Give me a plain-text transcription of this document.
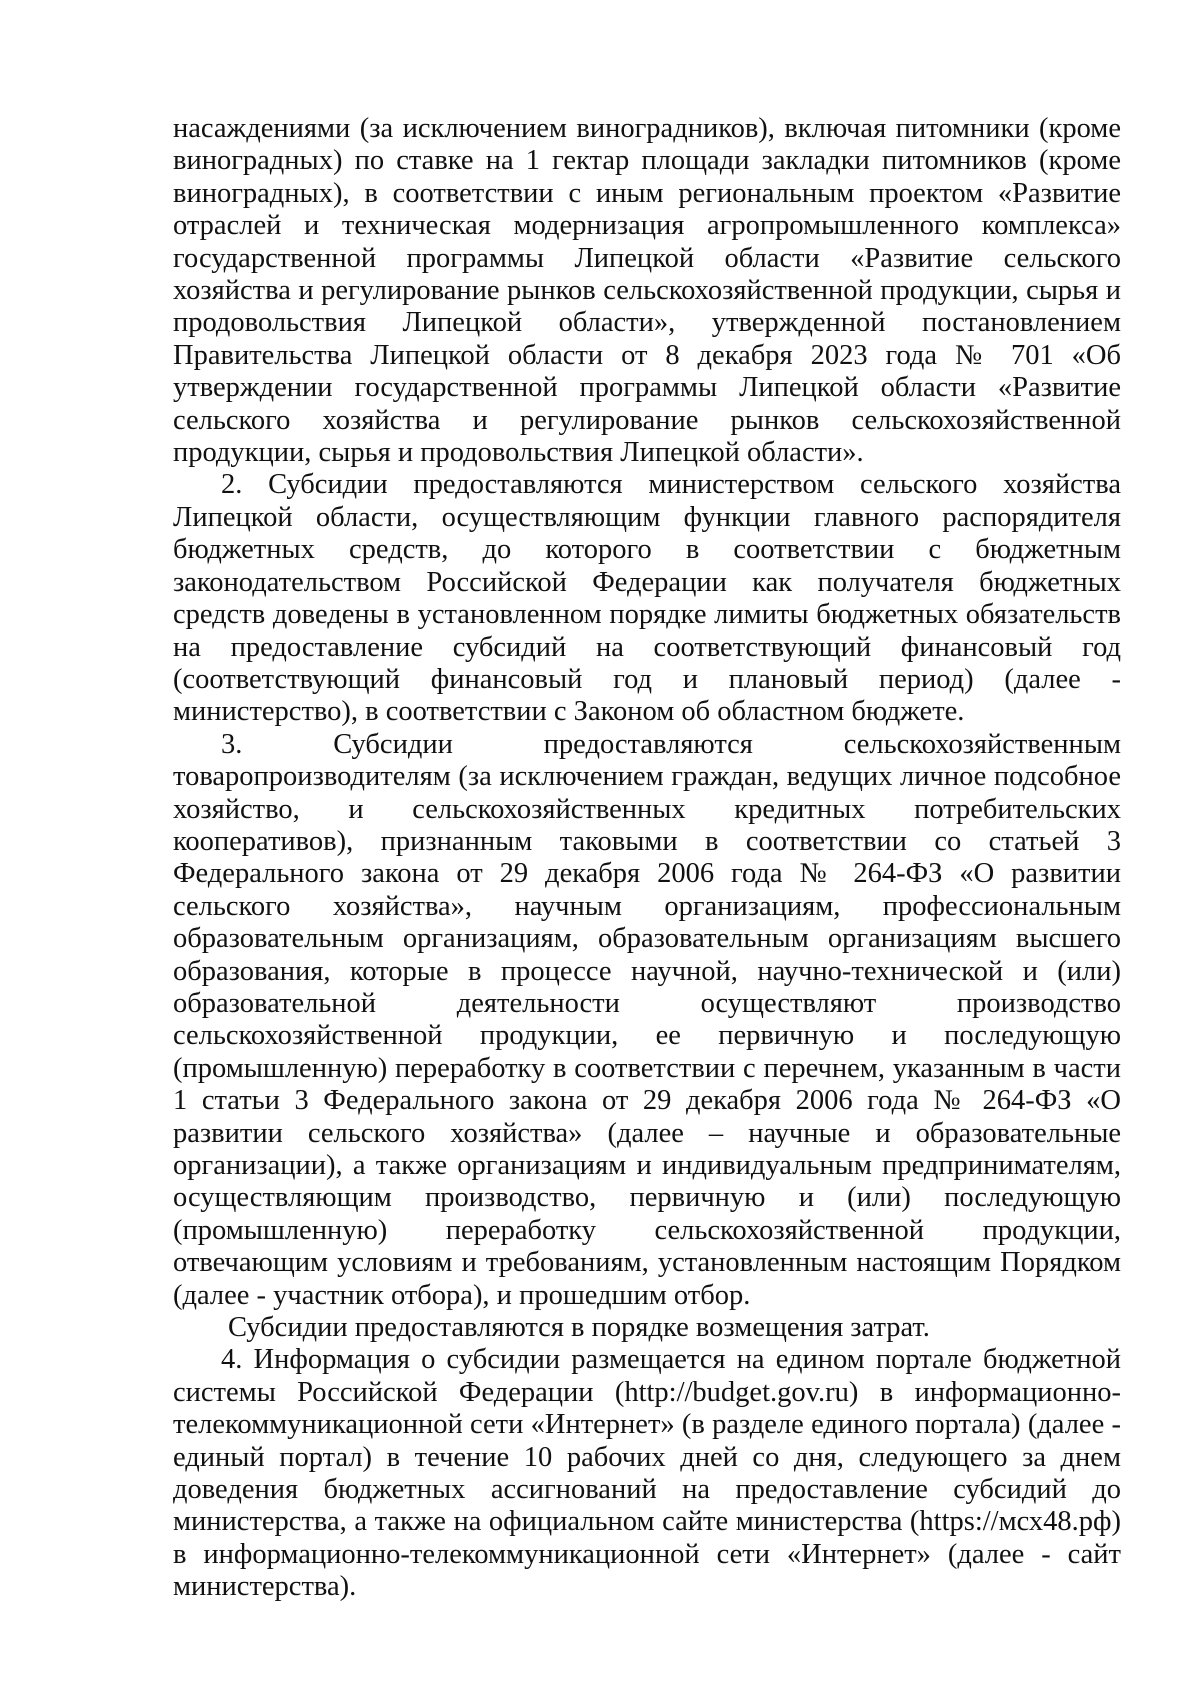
насаждениями (за исключением виноградников), включая питомники (кроме виноградных) по ставке на 1 гектар площади закладки питомников (кроме виноградных), в соответствии с иным региональным проектом «Развитие отраслей и техническая модернизация агропромышленного комплекса» государственной программы Липецкой области «Развитие сельского хозяйства и регулирование рынков сельскохозяйственной продукции, сырья и продовольствия Липецкой области», утвержденной постановлением Правительства Липецкой области от 8 декабря 2023 года № 701 «Об утверждении государственной программы Липецкой области «Развитие сельского хозяйства и регулирование рынков сельскохозяйственной продукции, сырья и продовольствия Липецкой области».

2. Субсидии предоставляются министерством сельского хозяйства Липецкой области, осуществляющим функции главного распорядителя бюджетных средств, до которого в соответствии с бюджетным законодательством Российской Федерации как получателя бюджетных средств доведены в установленном порядке лимиты бюджетных обязательств на предоставление субсидий на соответствующий финансовый год (соответствующий финансовый год и плановый период) (далее - министерство), в соответствии с Законом об областном бюджете.

3. Субсидии предоставляются сельскохозяйственным товаропроизводителям (за исключением граждан, ведущих личное подсобное хозяйство, и сельскохозяйственных кредитных потребительских кооперативов), признанным таковыми в соответствии со статьей 3 Федерального закона от 29 декабря 2006 года № 264-ФЗ «О развитии сельского хозяйства», научным организациям, профессиональным образовательным организациям, образовательным организациям высшего образования, которые в процессе научной, научно-технической и (или) образовательной деятельности осуществляют производство сельскохозяйственной продукции, ее первичную и последующую (промышленную) переработку в соответствии с перечнем, указанным в части 1 статьи 3 Федерального закона от 29 декабря 2006 года № 264-ФЗ «О развитии сельского хозяйства» (далее – научные и образовательные организации), а также организациям и индивидуальным предпринимателям, осуществляющим производство, первичную и (или) последующую (промышленную) переработку сельскохозяйственной продукции, отвечающим условиям и требованиям, установленным настоящим Порядком (далее - участник отбора), и прошедшим отбор.

Субсидии предоставляются в порядке возмещения затрат.

4. Информация о субсидии размещается на едином портале бюджетной системы Российской Федерации (http://budget.gov.ru) в информационно-телекоммуникационной сети «Интернет» (в разделе единого портала) (далее - единый портал) в течение 10 рабочих дней со дня, следующего за днем доведения бюджетных ассигнований на предоставление субсидий до министерства, а также на официальном сайте министерства (https://мсх48.рф) в информационно-телекоммуникационной сети «Интернет» (далее - сайт министерства).
